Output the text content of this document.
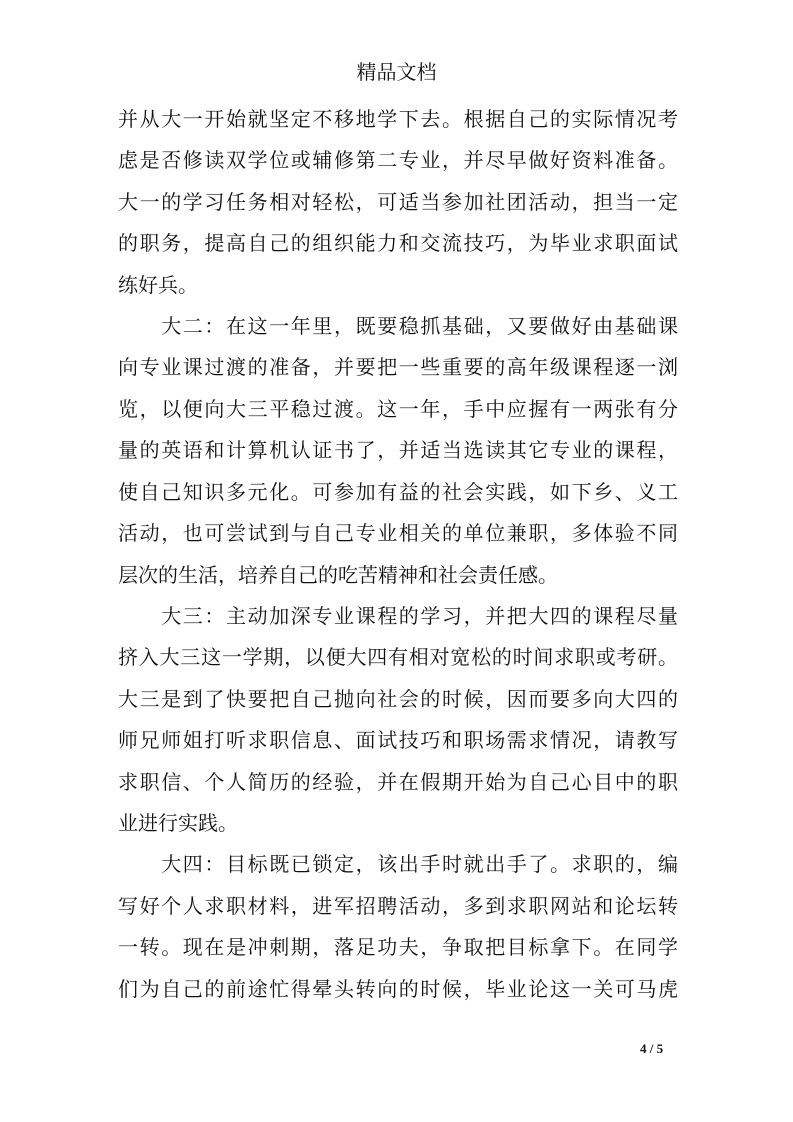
精品文档
并从大一开始就坚定不移地学下去。根据自己的实际情况考
虑是否修读双学位或辅修第二专业，并尽早做好资料准备。
大一的学习任务相对轻松，可适当参加社团活动，担当一定
的职务，提高自己的组织能力和交流技巧，为毕业求职面试
练好兵。
　　大二：在这一年里，既要稳抓基础，又要做好由基础课
向专业课过渡的准备，并要把一些重要的高年级课程逐一浏
览，以便向大三平稳过渡。这一年，手中应握有一两张有分
量的英语和计算机认证书了，并适当选读其它专业的课程，
使自己知识多元化。可参加有益的社会实践，如下乡、义工
活动，也可尝试到与自己专业相关的单位兼职，多体验不同
层次的生活，培养自己的吃苦精神和社会责任感。
　　大三：主动加深专业课程的学习，并把大四的课程尽量
挤入大三这一学期，以便大四有相对宽松的时间求职或考研。
大三是到了快要把自己抛向社会的时候，因而要多向大四的
师兄师姐打听求职信息、面试技巧和职场需求情况，请教写
求职信、个人简历的经验，并在假期开始为自己心目中的职
业进行实践。
　　大四：目标既已锁定，该出手时就出手了。求职的，编
写好个人求职材料，进军招聘活动，多到求职网站和论坛转
一转。现在是冲刺期，落足功夫，争取把目标拿下。在同学
们为自己的前途忙得晕头转向的时候，毕业论这一关可马虎
4 / 5
